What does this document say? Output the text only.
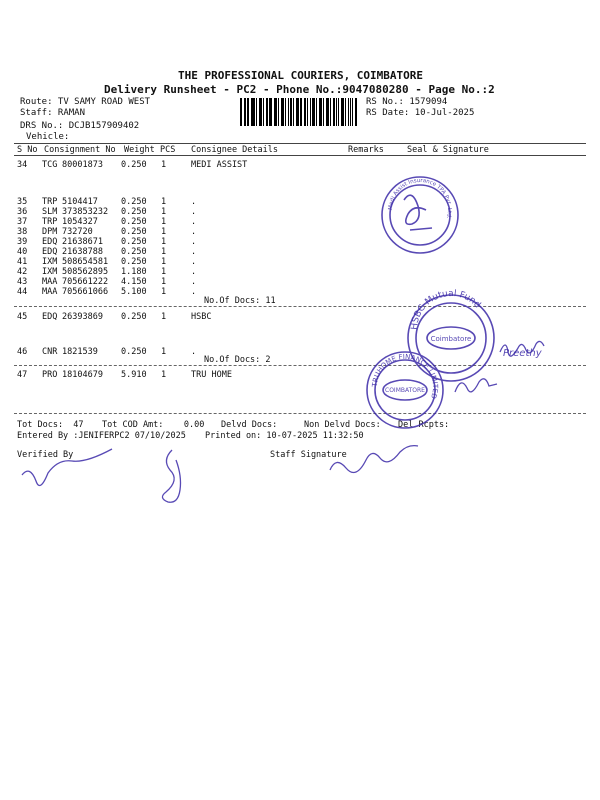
THE PROFESSIONAL COURIERS, COIMBATORE
Delivery Runsheet - PC2 - Phone No.:9047080280 - Page No.:2
Route: TV SAMY ROAD WEST
Staff: RAMAN
DRS No.: DCJB157909402
Vehicle:
RS No.: 1579094
RS Date: 10-Jul-2025
S No Consignment No Weight PCS Consignee Details	Remarks	Seal & Signature
34 TCG 80001873 0.250 1	MEDI ASSIST
35 TRP 5104417	0.250 1	.
36 SLM 373853232 0.250 1	.
37 TRP 1054327	0.250 1	.
38 DPM 732720	0.250 1	.
39 EDQ 21638671 0.250 1	.
40 EDQ 21638788 0.250 1	.
41 IXM 508654581 0.250 1	.
42 IXM 508562895 1.180 1	.
43 MAA 705661222 4.150 1	.
44 MAA 705661066 5.100 1	.
45 EDQ 26393869 0.250 1	HSBC
46 CNR 1821539	0.250 1	.
47 PRO 18104679 5.910 1	TRU HOME
No.Of Docs: 11
No.Of Docs: 2
Tot Docs:  47 Tot COD Amt:    0.00 Delvd Docs:	Non Delvd Docs: Del Rcpts:
Entered By :JENIFERPC2 07/10/2025 Printed on: 10-07-2025 11:32:50
Verified By	Staff Signature
Medi Assist Insurance TPA Pvt. Ltd.
HSBC Mutual Fund
Coimbatore
TRUHOME FINANCE LIMITED
COIMBATORE
Preethy
